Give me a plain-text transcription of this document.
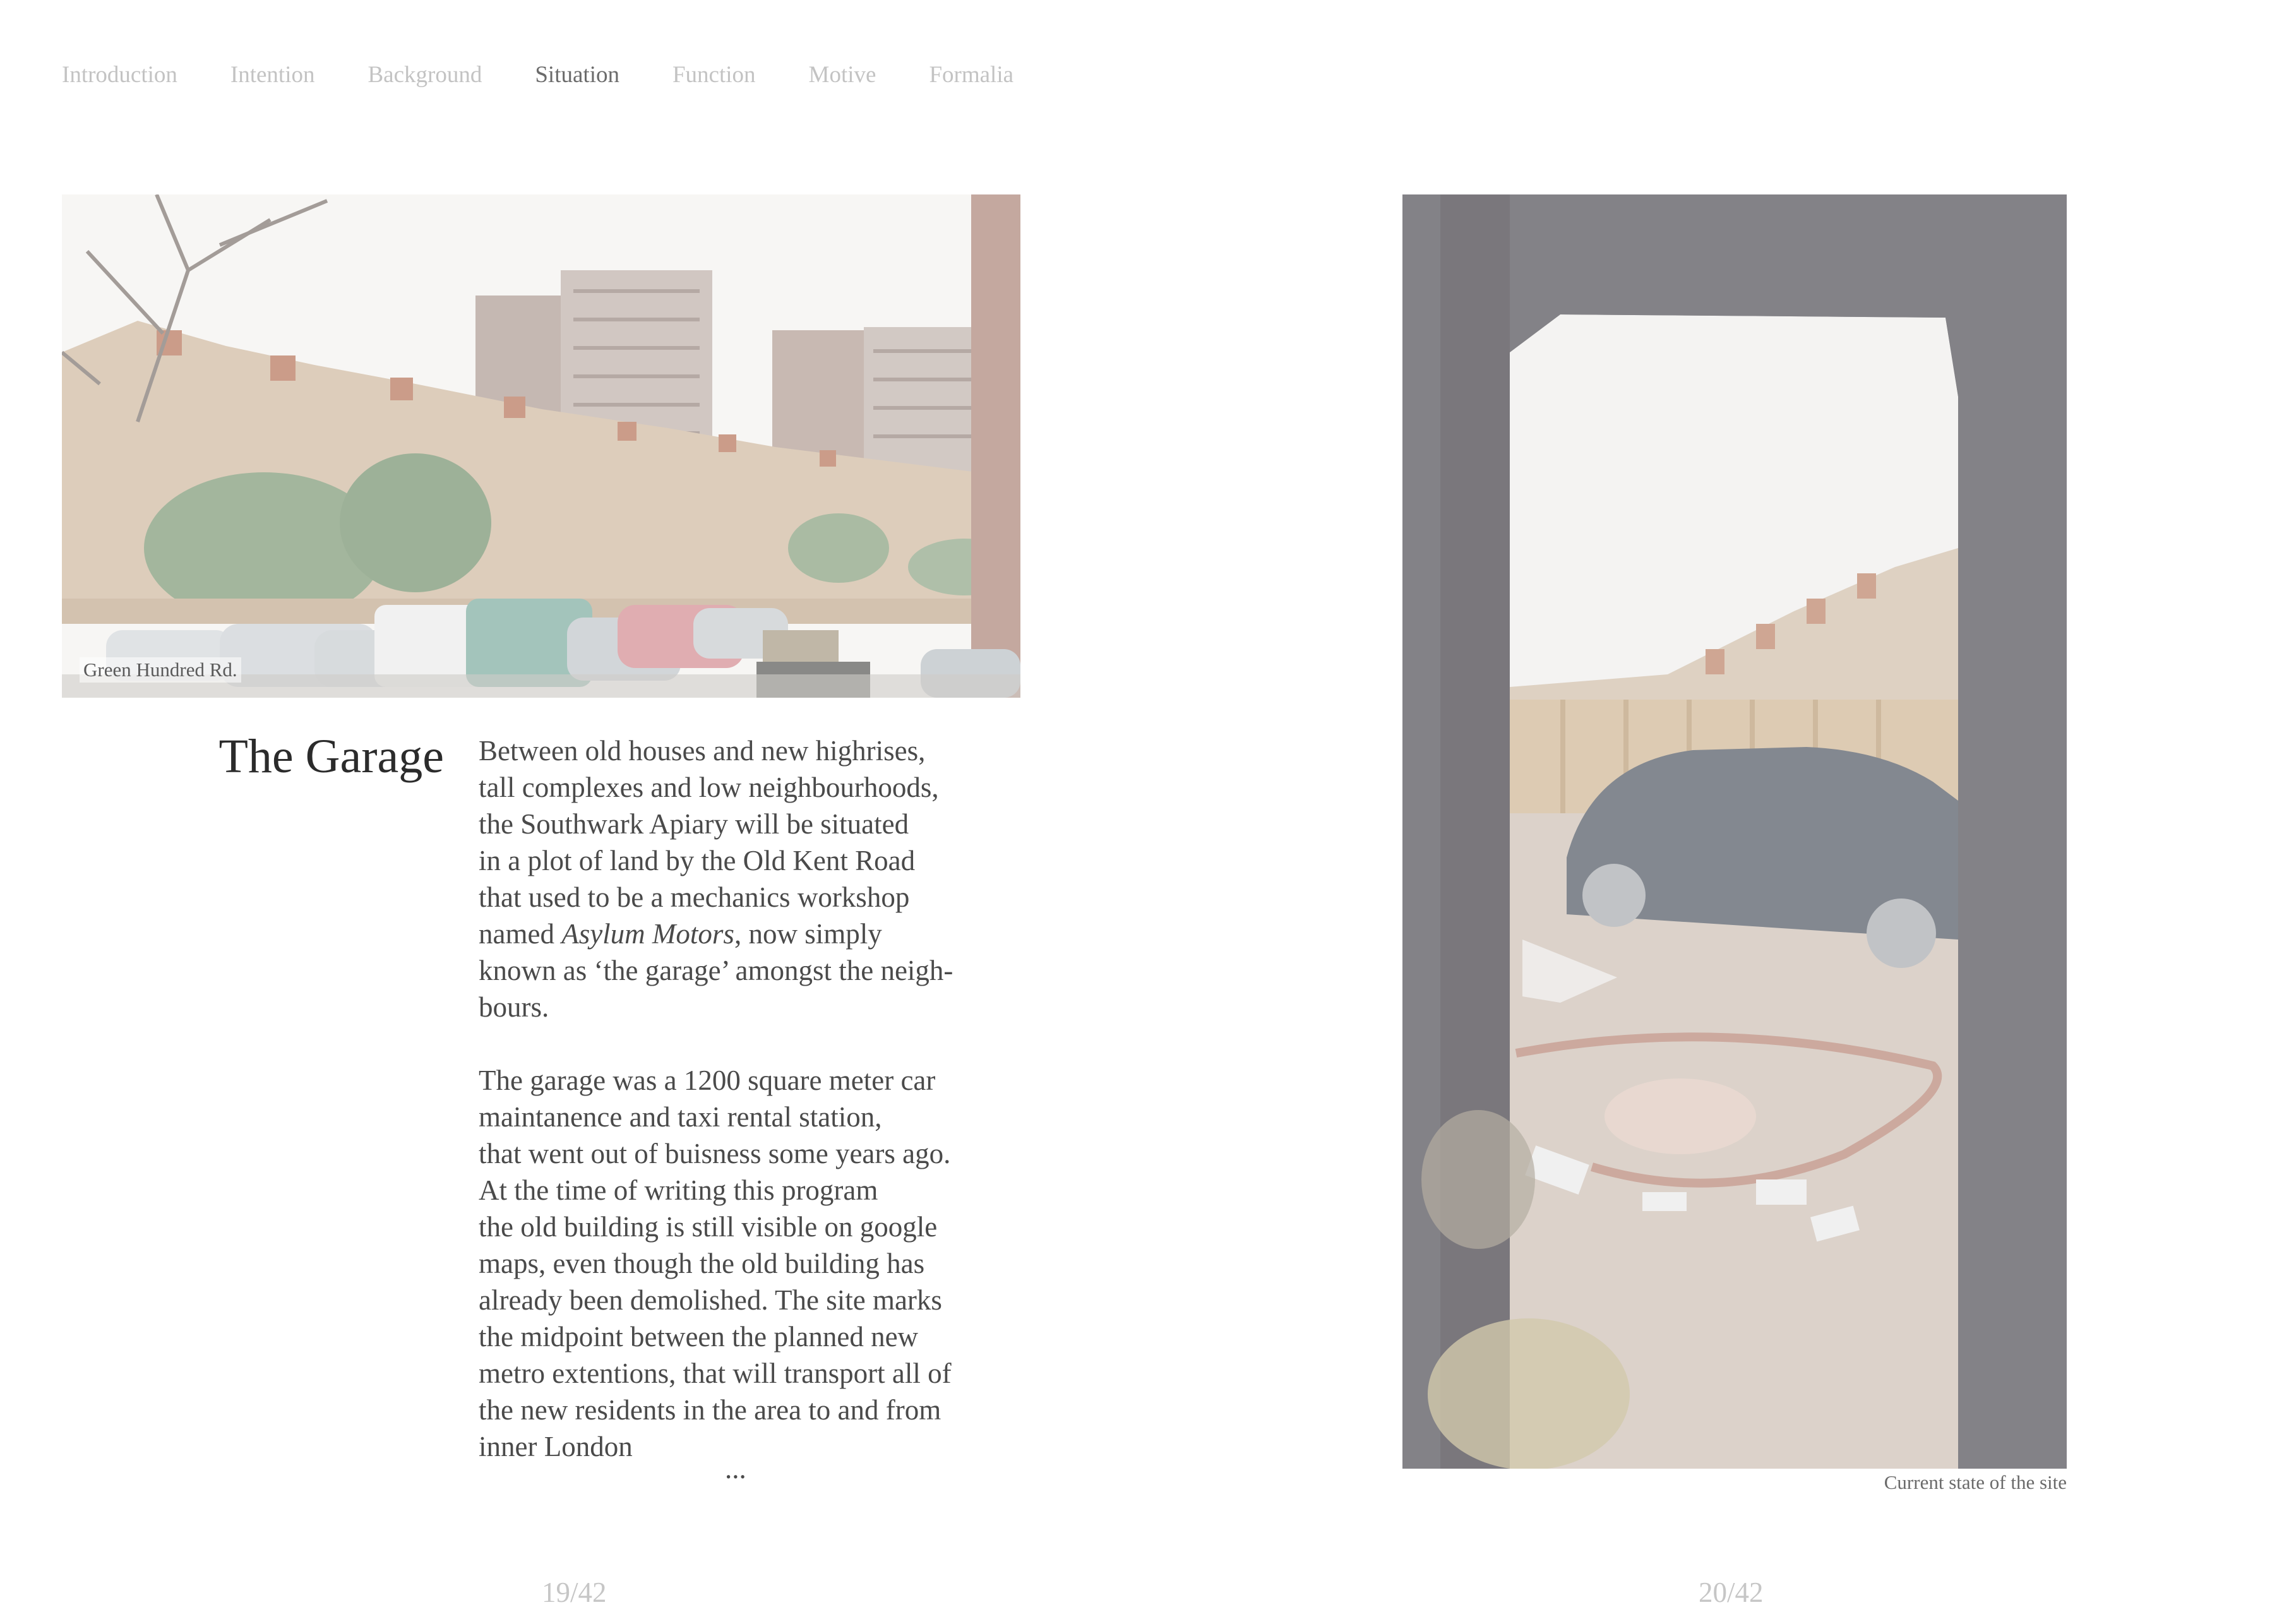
Introduction Intention Background Situation Function Motive Formalia
Green Hundred Rd.
The Garage Between old houses and new highrises,
tall complexes and low neighbourhoods,
the Southwark Apiary will be situated
in a plot of land by the Old Kent Road
that used to be a mechanics workshop
named Asylum Motors, now simply
known as ‘the garage’ amongst the neigh-
bours.

The garage was a 1200 square meter car
maintanence and taxi rental station,
that went out of buisness some years ago.
At the time of writing this program
the old building is still visible on google
maps, even though the old building has
already been demolished. The site marks
the midpoint between the planned new
metro extentions, that will transport all of
the new residents in the area to and from
inner London

...	Current state of the site
19/42	20/42
